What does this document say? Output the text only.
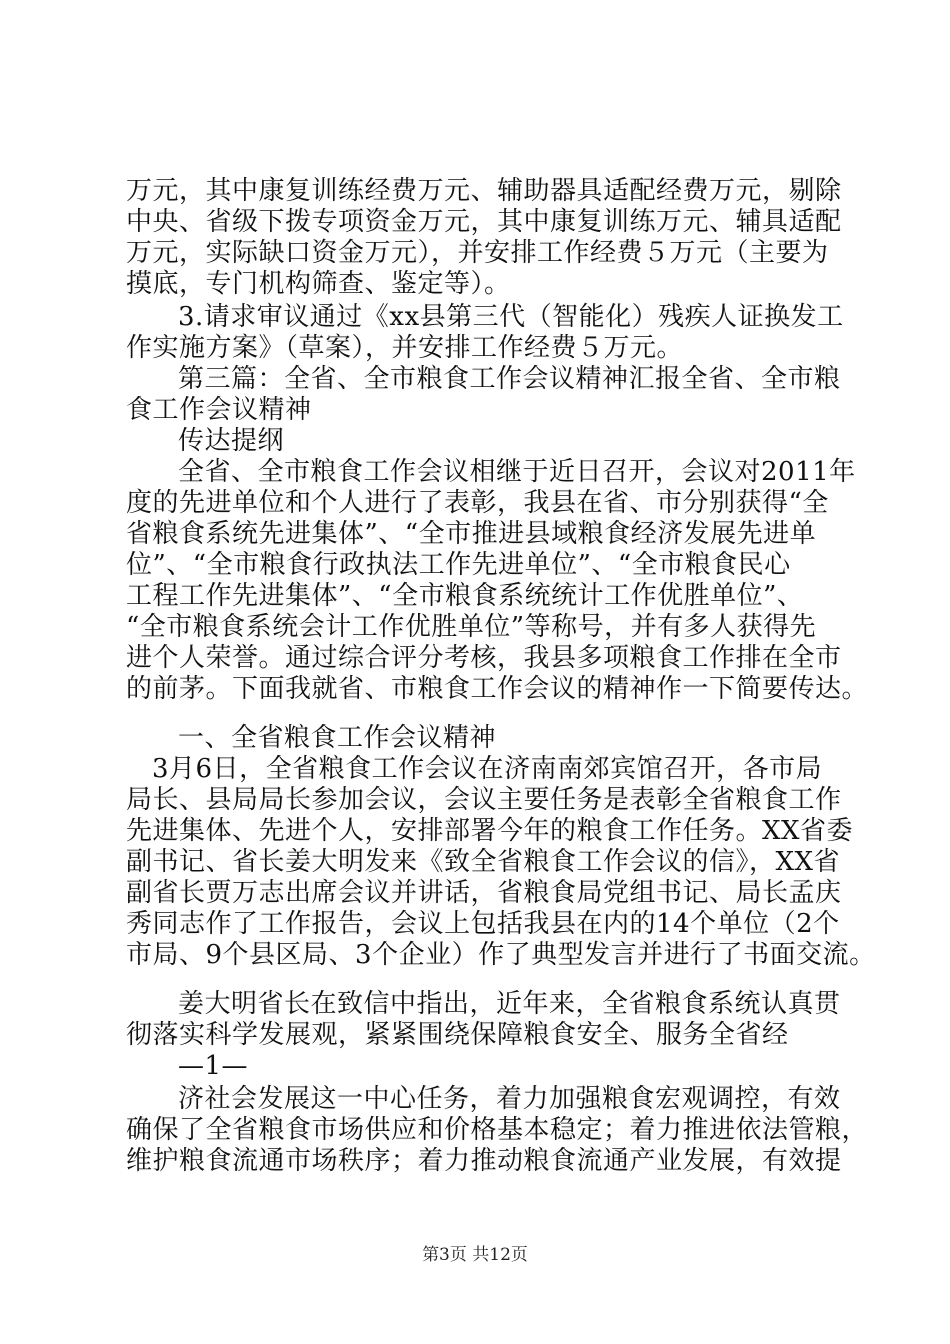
万元，其中康复训练经费万元、辅助器具适配经费万元，剔除
中央、省级下拨专项资金万元，其中康复训练万元、辅具适配
万元，实际缺口资金万元），并安排工作经费５万元（主要为
摸底，专门机构筛查、鉴定等）。
3.请求审议通过《xx县第三代（智能化）残疾人证换发工
作实施方案》（草案），并安排工作经费５万元。
第三篇：全省、全市粮食工作会议精神汇报全省、全市粮
食工作会议精神
传达提纲
全省、全市粮食工作会议相继于近日召开，会议对2011年
度的先进单位和个人进行了表彰，我县在省、市分别获得“全
省粮食系统先进集体”、“全市推进县域粮食经济发展先进单
位”、“全市粮食行政执法工作先进单位”、“全市粮食民心
工程工作先进集体”、“全市粮食系统统计工作优胜单位”、
“全市粮食系统会计工作优胜单位”等称号，并有多人获得先
进个人荣誉。通过综合评分考核，我县多项粮食工作排在全市
的前茅。下面我就省、市粮食工作会议的精神作一下简要传达。
一、全省粮食工作会议精神
3月6日，全省粮食工作会议在济南南郊宾馆召开，各市局
局长、县局局长参加会议，会议主要任务是表彰全省粮食工作
先进集体、先进个人，安排部署今年的粮食工作任务。XX省委
副书记、省长姜大明发来《致全省粮食工作会议的信》，XX省
副省长贾万志出席会议并讲话，省粮食局党组书记、局长孟庆
秀同志作了工作报告，会议上包括我县在内的14个单位（2个
市局、9个县区局、3个企业）作了典型发言并进行了书面交流。
姜大明省长在致信中指出，近年来，全省粮食系统认真贯
彻落实科学发展观，紧紧围绕保障粮食安全、服务全省经
—1—
济社会发展这一中心任务，着力加强粮食宏观调控，有效
确保了全省粮食市场供应和价格基本稳定；着力推进依法管粮，
维护粮食流通市场秩序；着力推动粮食流通产业发展，有效提
第3页 共12页
